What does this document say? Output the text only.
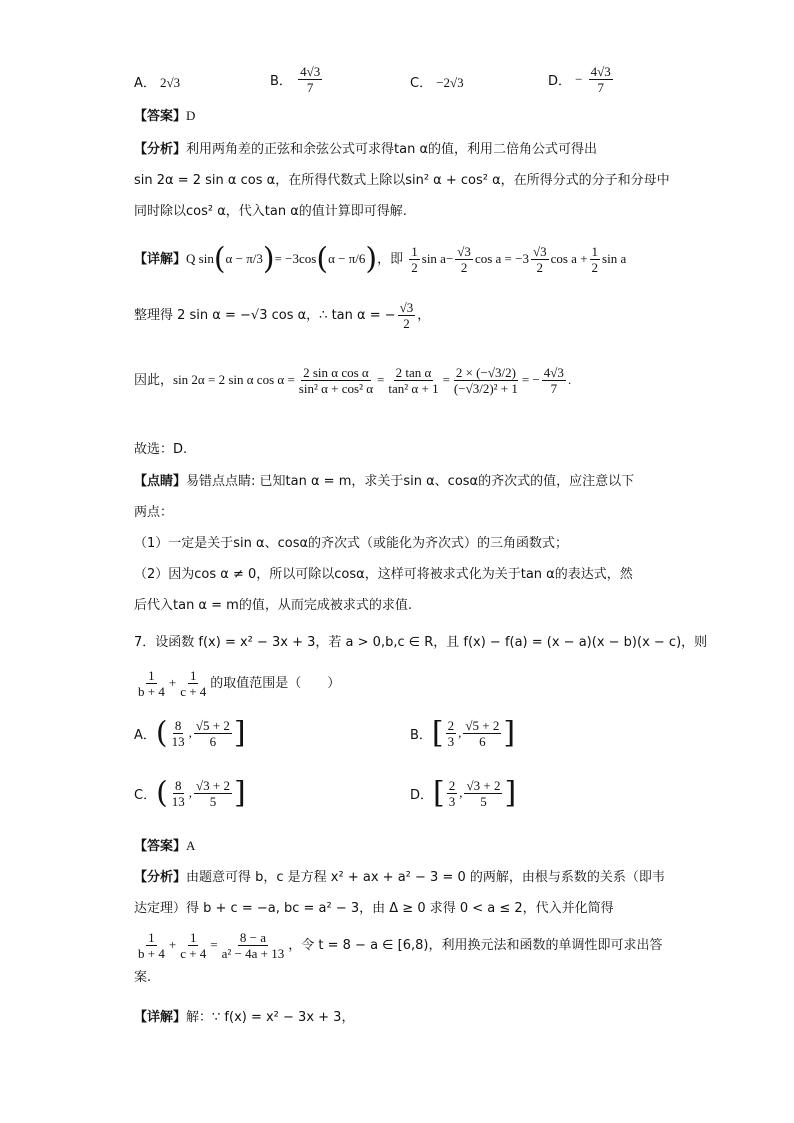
A． 2√3	B． $\frac{4√3}{7}$	C． −2√3	D． − $\frac{4√3}{7}$
【答案】D
【分析】利用两角差的正弦和余弦公式可求得tan α的值，利用二倍角公式可得出
sin 2α = 2 sin α cos α，在所得代数式上除以sin² α + cos² α，在所得分式的分子和分母中
同时除以cos² α，代入tan α的值计算即可得解.
【详解】Q sin(α − π/3)= −3cos(α − π/6)，即 $\frac{1}{2}$ $\sin a- \frac{√3}{2}$ $\cos a = -3 \frac{√3}{2}$ $\cos a + \frac{1}{2}$ sin a
整理得 2 sin α = −√3 cos α，∴ tan α = − $\frac{√3}{2}$ ，
因此，sin 2α = 2 sin α $\cos \alpha = \frac{\text{2 sin α cos α}}{\text{sin² α + cos² α}} = \frac{\text{2 tan α}}{\text{tan² α + 1}} = \frac{2 \times (-√3/2)}{\text{(−√3/2)² + 1}}$ = − $\frac{4√3}{7}$ .
故选：D.
【点睛】易错点点睛: 已知tan α = m，求关于sin α、cosα的齐次式的值，应注意以下
两点：
（1）一定是关于sin α、cosα的齐次式（或能化为齐次式）的三角函数式；
（2）因为cos α ≠ 0，所以可除以cosα，这样可将被求式化为关于tan α的表达式，然
后代入tan α = m的值，从而完成被求式的求值.
7．设函数 f(x) = x² − 3x + 3，若 a > 0,b,c ∈ R，且 f(x) − f(a) = (x − a)(x − b)(x − c)，则
$\frac{1}{b + 4} + \frac{1}{c + 4}$ 的取值范围是（　　）
A．( $\frac{8}{13}$ , $\frac{√5 + 2}{6}$ ]	B．[ $\frac{2}{3}$ , $\frac{√5 + 2}{6}$ ]
C．( $\frac{8}{13}$ , $\frac{√3 + 2}{5}$ ]	D．[ $\frac{2}{3}$ , $\frac{√3 + 2}{5}$ ]
【答案】A
【分析】由题意可得 b，c 是方程 x² + ax + a² − 3 = 0 的两解，由根与系数的关系（即韦
达定理）得 b + c = −a, bc = a² − 3，由 Δ ≥ 0 求得 0 < a ≤ 2，代入并化简得
$\frac{1}{b + 4} + \frac{1}{c + 4} = \frac{8 - a}{\text{a² − 4a + 13}}$ ，令 t = 8 − a ∈ [6,8)，利用换元法和函数的单调性即可求出答
案.
【详解】解：∵ f(x) = x² − 3x + 3，
